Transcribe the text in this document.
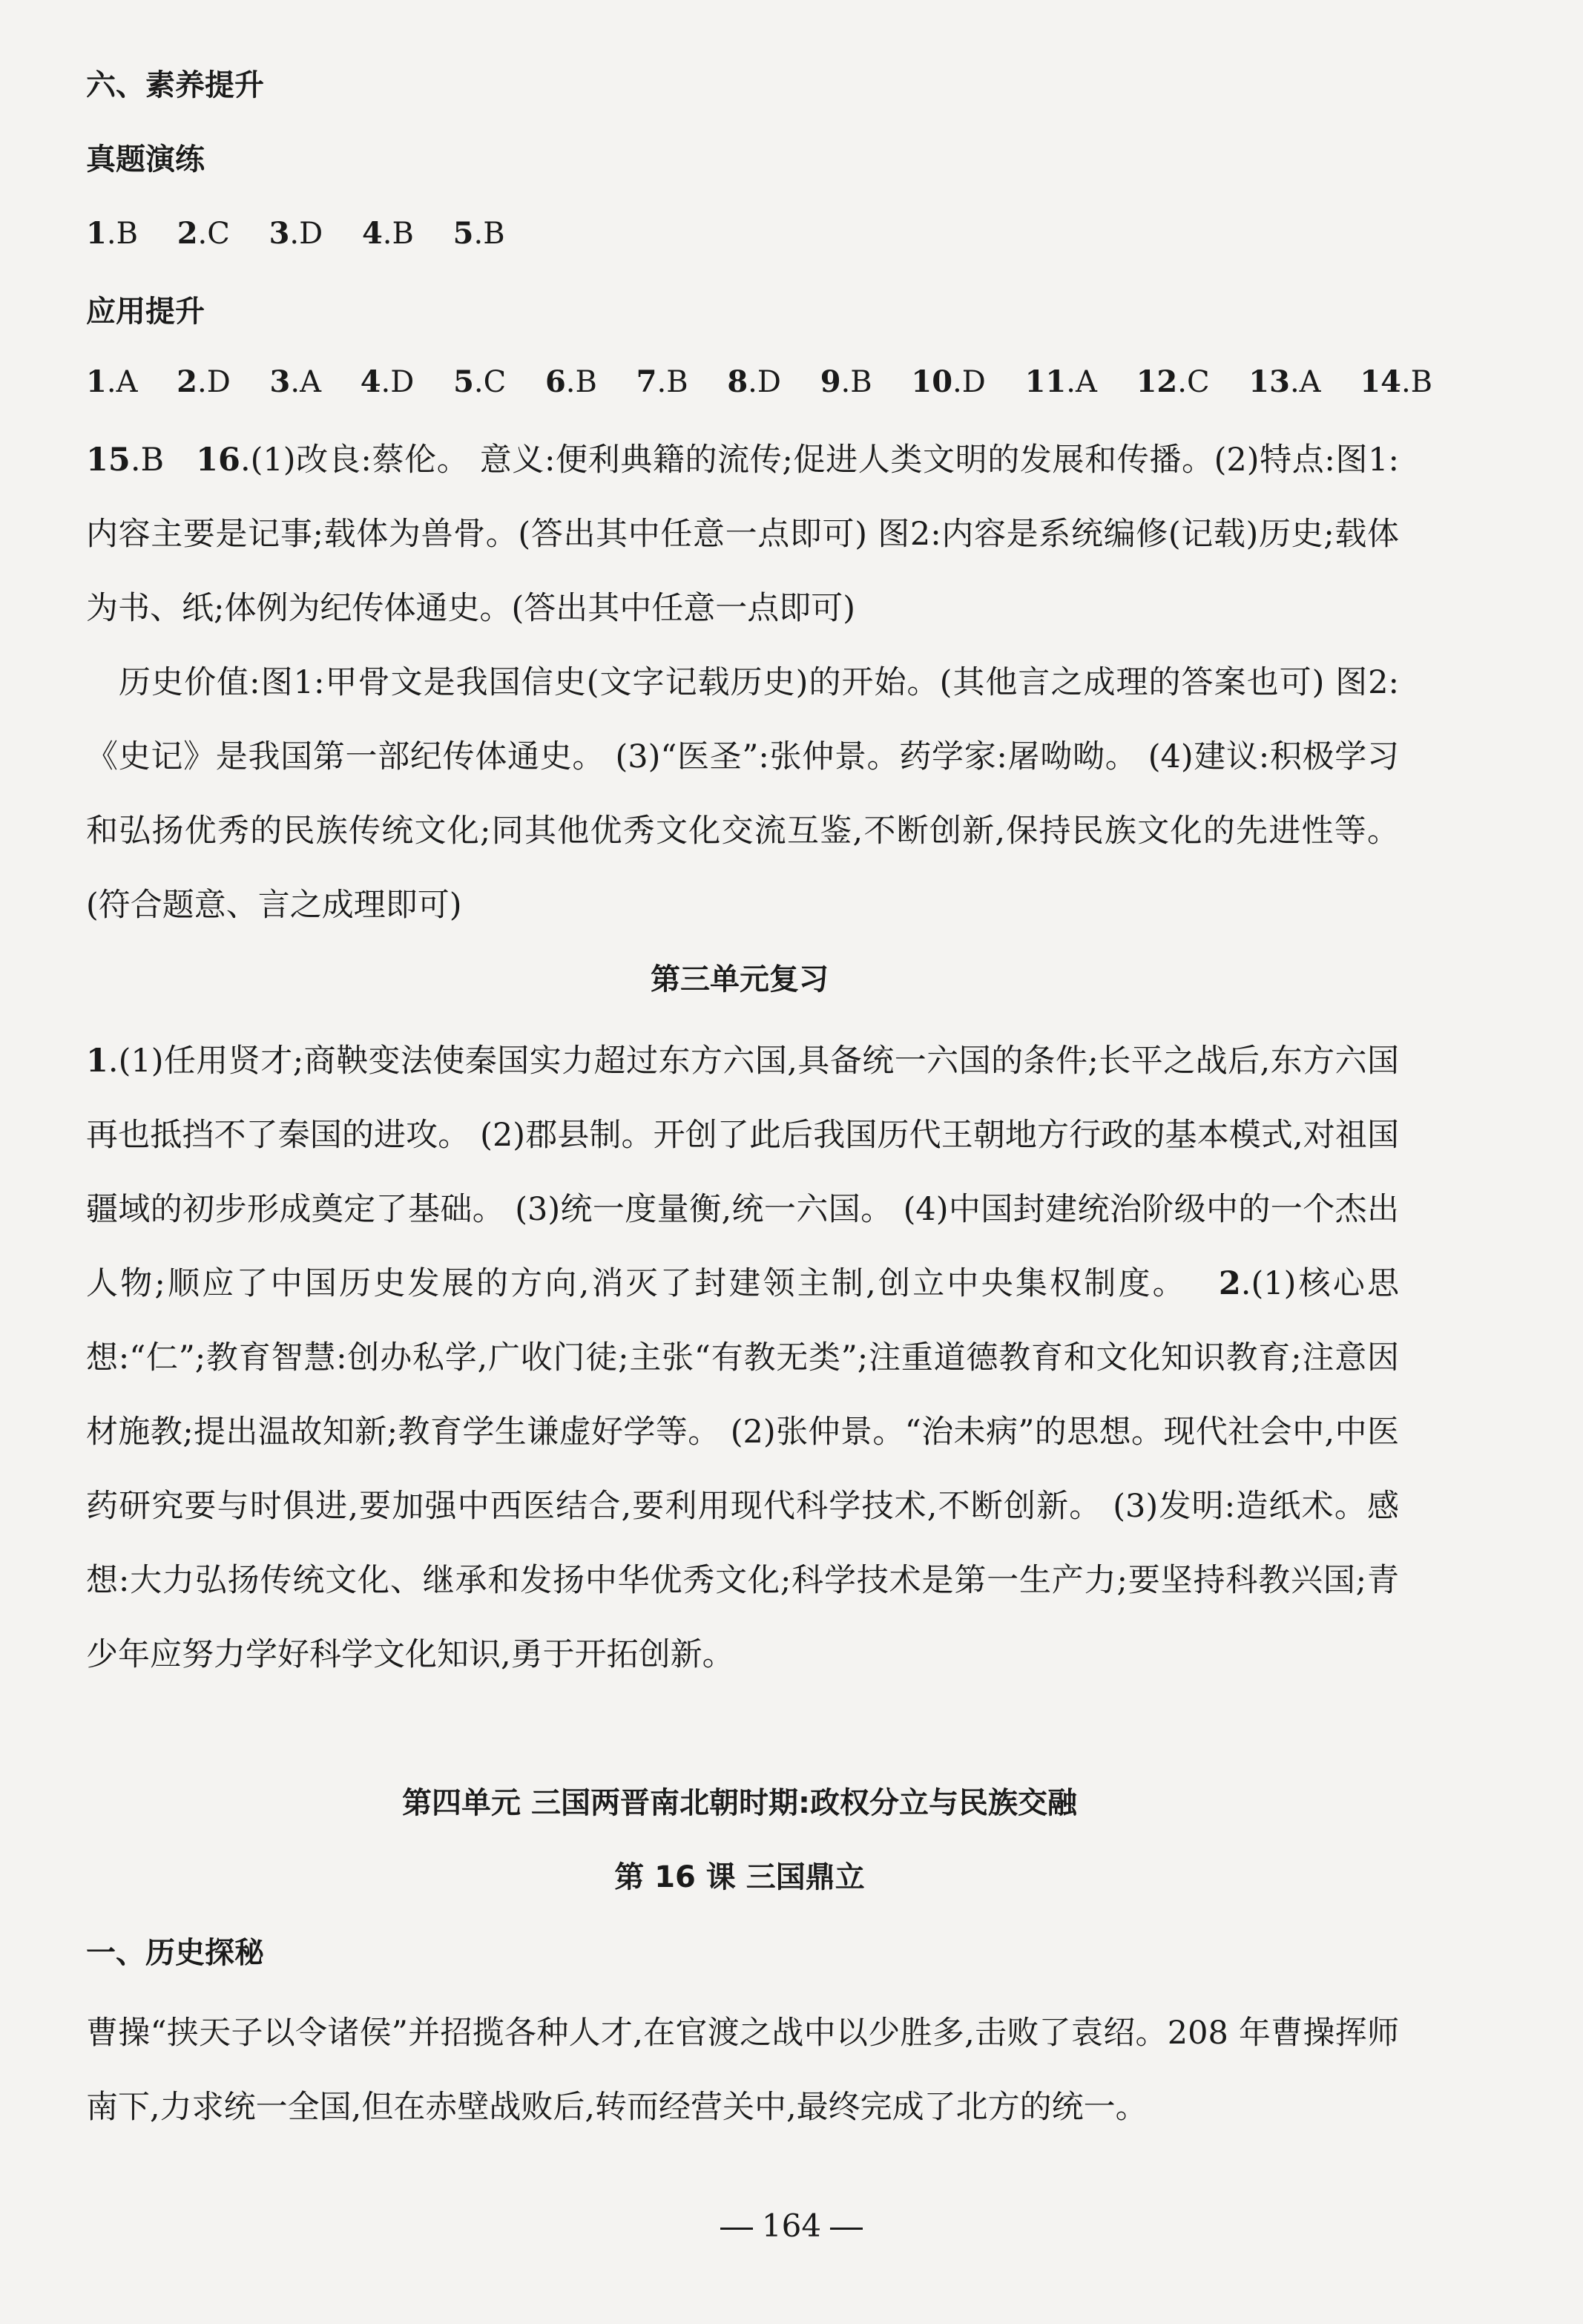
六、素养提升
真题演练
1.B 2.C 3.D 4.B 5.B
应用提升
1.A 2.D 3.A 4.D 5.C 6.B 7.B 8.D 9.B 10.D 11.A 12.C 13.A 14.B

15.B  16.(1)改良:蔡伦。 意义:便利典籍的流传;促进人类文明的发展和传播。(2)特点:图1:内容主要是记事;载体为兽骨。(答出其中任意一点即可) 图2:内容是系统编修(记载)历史;载体为书、纸;体例为纪传体通史。(答出其中任意一点即可)
 历史价值:图1:甲骨文是我国信史(文字记载历史)的开始。(其他言之成理的答案也可) 图2:《史记》是我国第一部纪传体通史。 (3)“医圣”:张仲景。药学家:屠呦呦。 (4)建议:积极学习和弘扬优秀的民族传统文化;同其他优秀文化交流互鉴,不断创新,保持民族文化的先进性等。(符合题意、言之成理即可)

第三单元复习

1.(1)任用贤才;商鞅变法使秦国实力超过东方六国,具备统一六国的条件;长平之战后,东方六国再也抵挡不了秦国的进攻。 (2)郡县制。开创了此后我国历代王朝地方行政的基本模式,对祖国疆域的初步形成奠定了基础。 (3)统一度量衡,统一六国。 (4)中国封建统治阶级中的一个杰出人物;顺应了中国历史发展的方向,消灭了封建领主制,创立中央集权制度。  2.(1)核心思想:“仁”;教育智慧:创办私学,广收门徒;主张“有教无类”;注重道德教育和文化知识教育;注意因材施教;提出温故知新;教育学生谦虚好学等。 (2)张仲景。“治未病”的思想。现代社会中,中医药研究要与时俱进,要加强中西医结合,要利用现代科学技术,不断创新。 (3)发明:造纸术。感想:大力弘扬传统文化、继承和发扬中华优秀文化;科学技术是第一生产力;要坚持科教兴国;青少年应努力学好科学文化知识,勇于开拓创新。

第四单元 三国两晋南北朝时期:政权分立与民族交融
第 16 课 三国鼎立
一、历史探秘

曹操“挟天子以令诸侯”并招揽各种人才,在官渡之战中以少胜多,击败了袁绍。208 年曹操挥师南下,力求统一全国,但在赤壁战败后,转而经营关中,最终完成了北方的统一。

164
